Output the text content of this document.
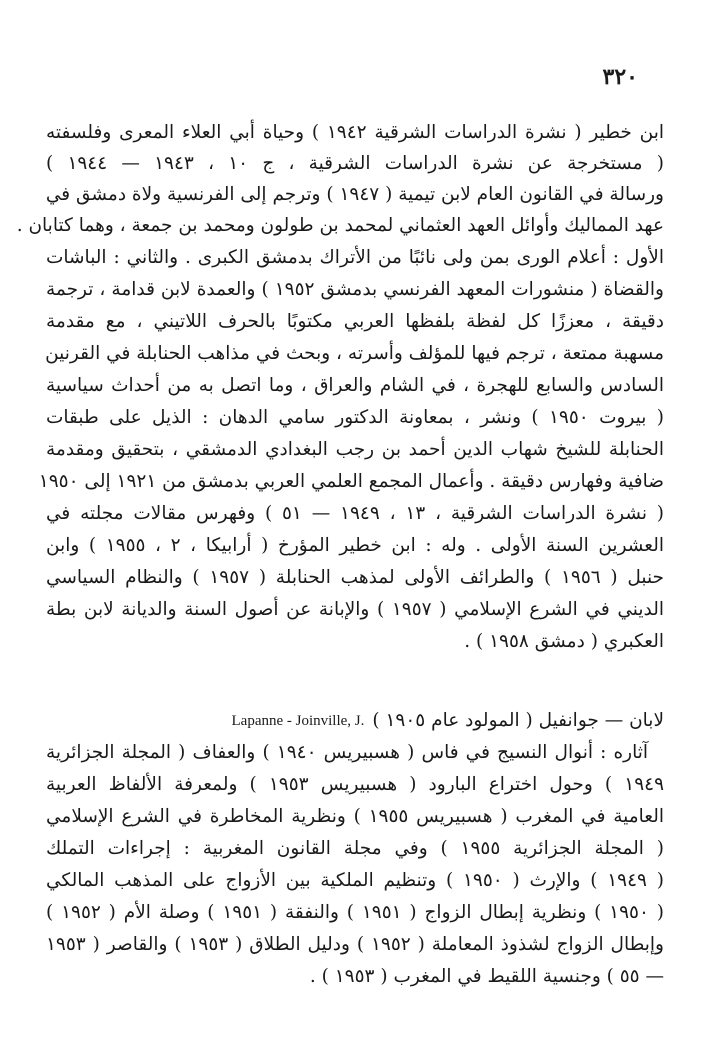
٣٢٠
ابن خطير ( نشرة الدراسات الشرقية ١٩٤٢ ) وحياة أبي العلاء المعرى وفلسفته
( مستخرجة عن نشرة الدراسات الشرقية ، ج ١٠ ، ١٩٤٣ — ١٩٤٤ )
ورسالة في القانون العام لابن تيمية ( ١٩٤٧ ) وترجم إلى الفرنسية ولاة دمشق في
عهد المماليك وأوائل العهد العثماني لمحمد بن طولون ومحمد بن جمعة ، وهما كتابان .
الأول : أعلام الورى بمن ولى نائبًا من الأتراك بدمشق الكبرى . والثاني : الباشات
والقضاة ( منشورات المعهد الفرنسي بدمشق ١٩٥٢ ) والعمدة لابن قدامة ، ترجمة
دقيقة ، معززًا كل لفظة بلفظها العربي مكتوبًا بالحرف اللاتيني ، مع مقدمة
مسهبة ممتعة ، ترجم فيها للمؤلف وأسرته ، وبحث في مذاهب الحنابلة في القرنين
السادس والسابع للهجرة ، في الشام والعراق ، وما اتصل به من أحداث سياسية
( بيروت ١٩٥٠ ) ونشر ، بمعاونة الدكتور سامي الدهان : الذيل على طبقات
الحنابلة للشيخ شهاب الدين أحمد بن رجب البغدادي الدمشقي ، بتحقيق ومقدمة
ضافية وفهارس دقيقة . وأعمال المجمع العلمي العربي بدمشق من ١٩٢١ إلى ١٩٥٠
( نشرة الدراسات الشرقية ، ١٣ ، ١٩٤٩ — ٥١ ) وفهرس مقالات مجلته في
العشرين السنة الأولى . وله : ابن خطير المؤرخ ( أرابيكا ، ٢ ، ١٩٥٥ ) وابن
حنبل ( ١٩٥٦ ) والطرائف الأولى لمذهب الحنابلة ( ١٩٥٧ ) والنظام السياسي
الديني في الشرع الإسلامي ( ١٩٥٧ ) والإبانة عن أصول السنة والديانة لابن بطة
العكبري ( دمشق ١٩٥٨ ) .
لابان — جوانفيل ( المولود عام ١٩٠٥ )
Lapanne - Joinville, J.
آثاره : أنوال النسيج في فاس ( هسبيريس ١٩٤٠ ) والعفاف ( المجلة الجزائرية
١٩٤٩ ) وحول اختراع البارود ( هسبيريس ١٩٥٣ ) ولمعرفة الألفاظ العربية
العامية في المغرب ( هسبيريس ١٩٥٥ ) ونظرية المخاطرة في الشرع الإسلامي
( المجلة الجزائرية ١٩٥٥ ) وفي مجلة القانون المغربية : إجراءات التملك
( ١٩٤٩ ) والإرث ( ١٩٥٠ ) وتنظيم الملكية بين الأزواج على المذهب المالكي
( ١٩٥٠ ) ونظرية إبطال الزواج ( ١٩٥١ ) والنفقة ( ١٩٥١ ) وصلة الأم ( ١٩٥٢ )
وإبطال الزواج لشذوذ المعاملة ( ١٩٥٢ ) ودليل الطلاق ( ١٩٥٣ ) والقاصر ( ١٩٥٣
— ٥٥ ) وجنسية اللقيط في المغرب ( ١٩٥٣ ) .
